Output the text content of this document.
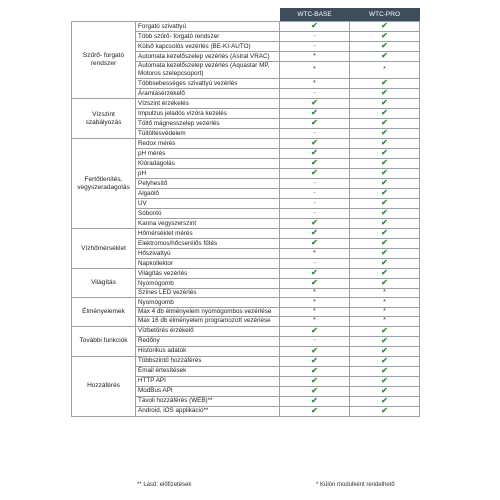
		WTC-BASE	WTC-PRO
Szűrő- forgató rendszer	Forgató szivattyú	✔	✔
	Több szűrő- forgató rendszer	-	✔
	Külső kapcsolós vezérlés (BE-KI-AUTO)	-	✔
	Automata kezelőszelep vezérlés (Astral VRAC)	*	✔
	Automata kezelőszelep vezérlés (Aquastar MP, Motoros szelepcsoport)	*	*
	Többsebességes szivattyú vezérlés	*	✔
	Áramlásérzékelő	-	✔
Vízszint szabályozás	Vízszint érzékelés	✔	✔
	Impulzus jeladós vízóra kezelés	✔	✔
	Töltő mágnesszelep vezérlés	✔	✔
	Túltöltésvédelem	-	✔
Fertőtlenítés, vegyszeradagolás	Redox mérés	✔	✔
	pH mérés	✔	✔
	Klóradagolás	✔	✔
	pH	✔	✔
	Pelyhesítő	-	✔
	Algaölő	-	✔
	UV	-	✔
	Sóbontó	-	✔
	Kanna vegyszerszint	✔	✔
Vízhőmérséklet	Hőmérséklet mérés	✔	✔
	Elektromos/hőcserélős fűtés	✔	✔
	Hőszivattyú	*	✔
	Napkollektor	-	✔
Világítás	Világítás vezérlés	✔	✔
	Nyomógomb	✔	✔
	Színes LED vezérlés	*	*
Élményelemek	Nyomógomb	*	*
	Max 4 db élményelem nyomógombos vezérlése	*	*
	Max 16 db élményelem programozott vezérlése	*	*
További funkciók	Vízbetörés érzékelő	✔	✔
	Redőny	-	✔
	Historikus adatok	✔	✔
Hozzáférés	Többszintű hozzáférés	✔	✔
	Email értesítések	✔	✔
	HTTP API	✔	✔
	ModBus API	✔	✔
	Távoli hozzáférés (WEB)**	✔	✔
	Android, iOS applikáció**	✔	✔
** Lásd: előfizetések	* Külön modulként rendelhető
